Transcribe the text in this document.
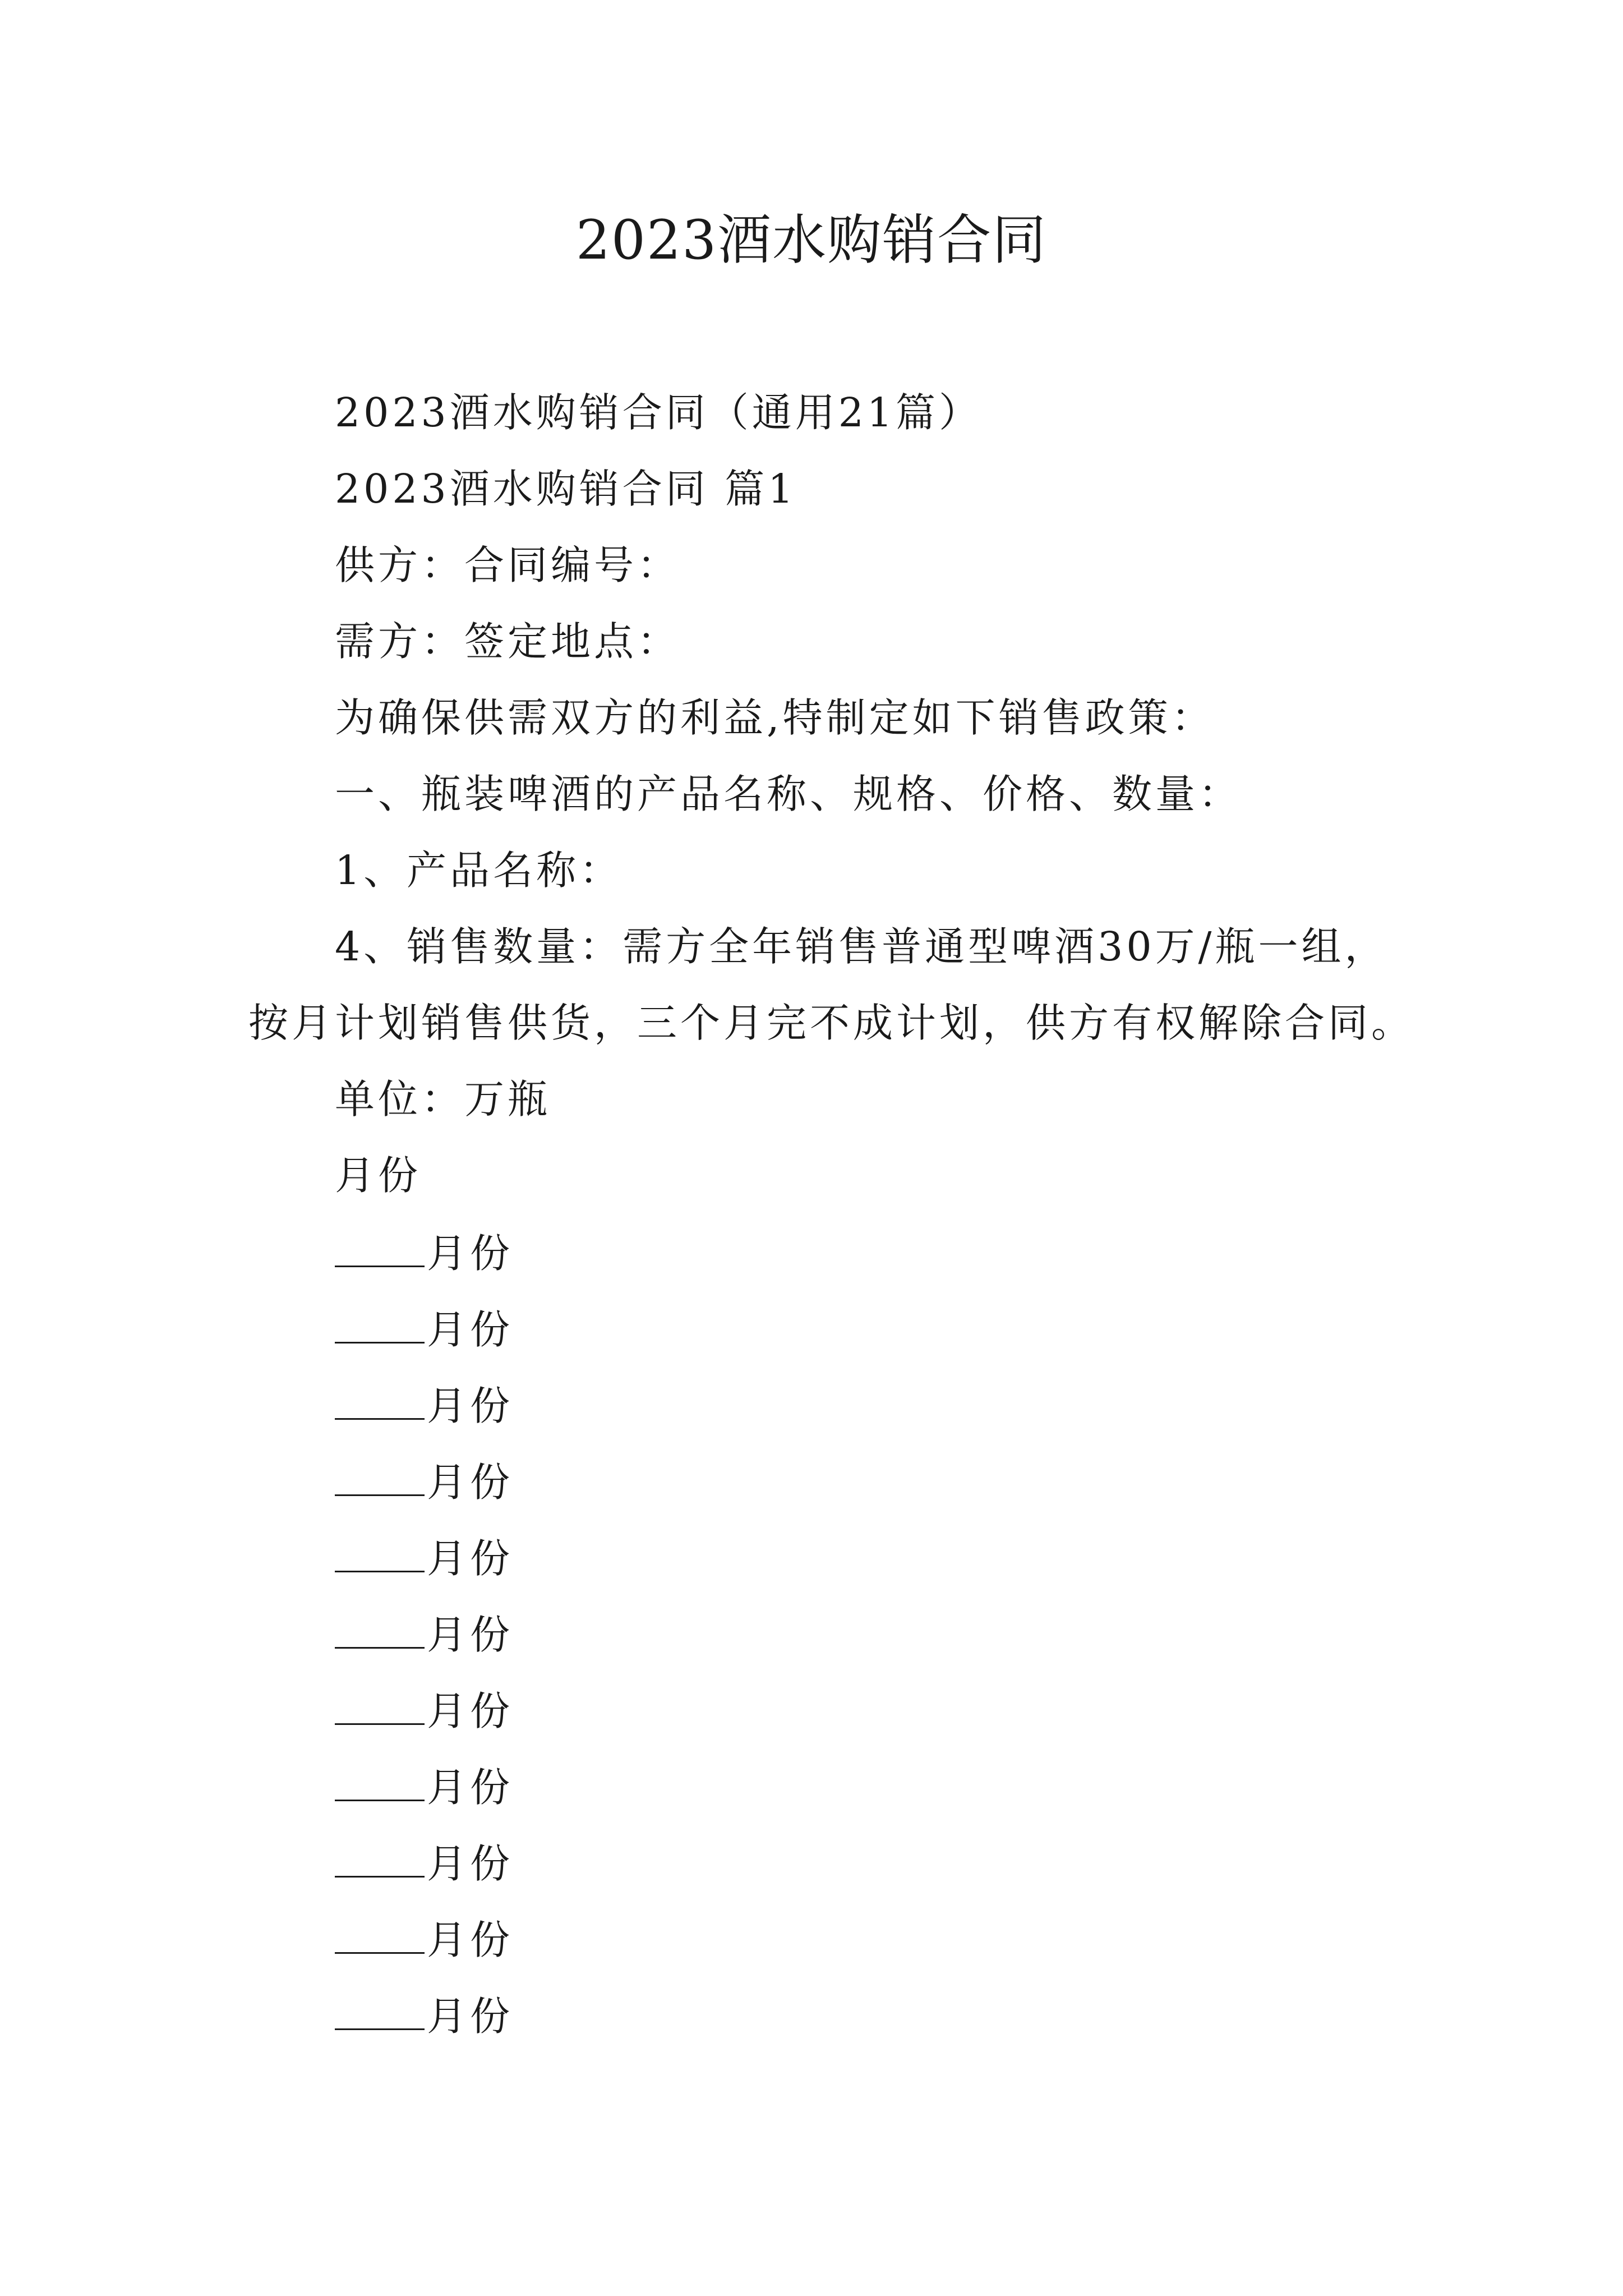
2023酒水购销合同
2023酒水购销合同（通用21篇）
2023酒水购销合同 篇1
供方：合同编号：
需方：签定地点：
为确保供需双方的利益,特制定如下销售政策：
一、瓶装啤酒的产品名称、规格、价格、数量：
1、产品名称：
4、销售数量：需方全年销售普通型啤酒30万/瓶一组，
按月计划销售供货，三个月完不成计划，供方有权解除合同。
单位：万瓶
月份
月份
月份
月份
月份
月份
月份
月份
月份
月份
月份
月份
